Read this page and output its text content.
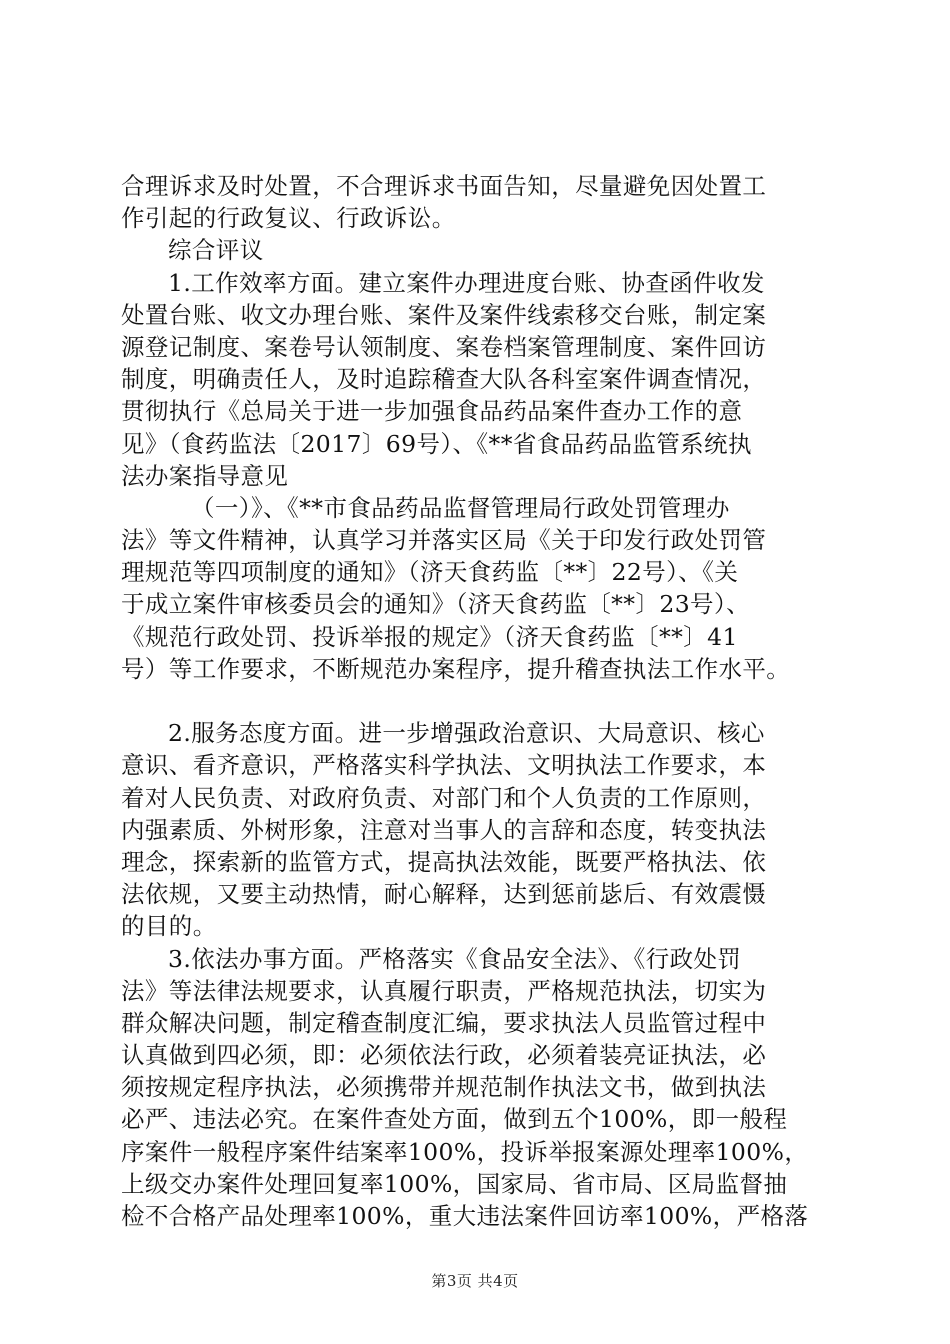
合理诉求及时处置，不合理诉求书面告知，尽量避免因处置工
作引起的行政复议、行政诉讼。
综合评议
1.工作效率方面。建立案件办理进度台账、协查函件收发
处置台账、收文办理台账、案件及案件线索移交台账，制定案
源登记制度、案卷号认领制度、案卷档案管理制度、案件回访
制度，明确责任人，及时追踪稽查大队各科室案件调查情况，
贯彻执行《总局关于进一步加强食品药品案件查办工作的意
见》（食药监法〔2017〕69号）、《**省食品药品监管系统执
法办案指导意见
（一）》、《**市食品药品监督管理局行政处罚管理办
法》等文件精神，认真学习并落实区局《关于印发行政处罚管
理规范等四项制度的通知》（济天食药监〔**〕22号）、《关
于成立案件审核委员会的通知》（济天食药监〔**〕23号）、
《规范行政处罚、投诉举报的规定》（济天食药监〔**〕41
号）等工作要求，不断规范办案程序，提升稽查执法工作水平。
2.服务态度方面。进一步增强政治意识、大局意识、核心
意识、看齐意识，严格落实科学执法、文明执法工作要求，本
着对人民负责、对政府负责、对部门和个人负责的工作原则，
内强素质、外树形象，注意对当事人的言辞和态度，转变执法
理念，探索新的监管方式，提高执法效能，既要严格执法、依
法依规，又要主动热情，耐心解释，达到惩前毖后、有效震慑
的目的。
3.依法办事方面。严格落实《食品安全法》、《行政处罚
法》等法律法规要求，认真履行职责，严格规范执法，切实为
群众解决问题，制定稽查制度汇编，要求执法人员监管过程中
认真做到四必须，即：必须依法行政，必须着装亮证执法，必
须按规定程序执法，必须携带并规范制作执法文书，做到执法
必严、违法必究。在案件查处方面，做到五个100%，即一般程
序案件一般程序案件结案率100%，投诉举报案源处理率100%，
上级交办案件处理回复率100%，国家局、省市局、区局监督抽
检不合格产品处理率100%，重大违法案件回访率100%，严格落
第3页 共4页
